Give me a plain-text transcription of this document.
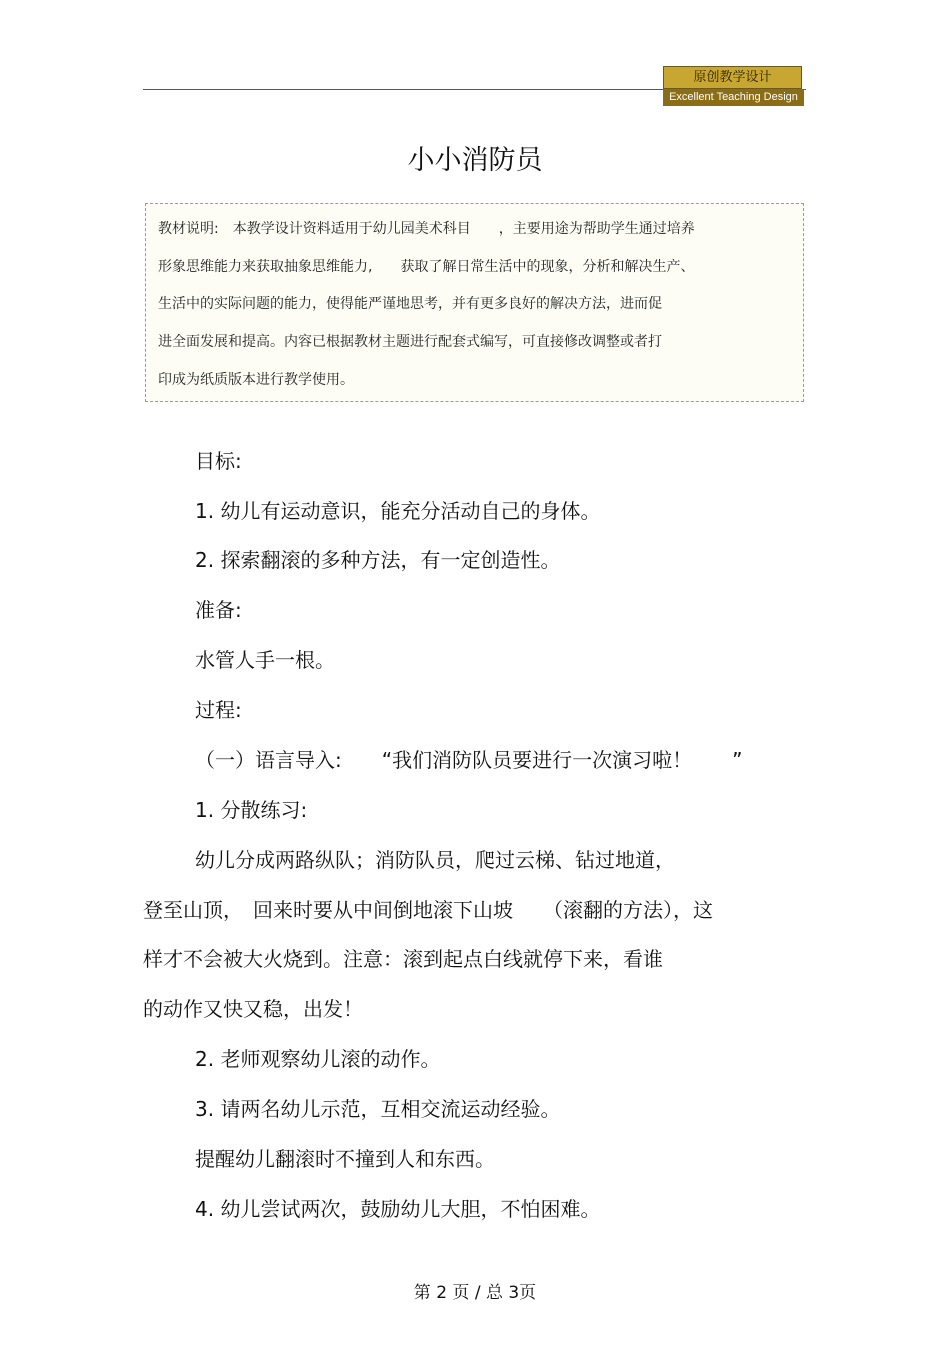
原创教学设计
Excellent Teaching Design
小小消防员
教材说明:　本教学设计资料适用于幼儿园美术科目　　，主要用途为帮助学生通过培养
形象思维能力来获取抽象思维能力,　　获取了解日常生活中的现象，分析和解决生产、
生活中的实际问题的能力，使得能严谨地思考，并有更多良好的解决方法，进而促
进全面发展和提高。内容已根据教材主题进行配套式编写，可直接修改调整或者打
印成为纸质版本进行教学使用。
目标:
1. 幼儿有运动意识，能充分活动自己的身体。
2. 探索翻滚的多种方法，有一定创造性。
准备:
水管人手一根。
过程:
（一）语言导入:　　“我们消防队员要进行一次演习啦！　　”
1. 分散练习:
幼儿分成两路纵队；消防队员，爬过云梯、钻过地道，
登至山顶，　回来时要从中间倒地滚下山坡　　（滚翻的方法），这
样才不会被大火烧到。注意：滚到起点白线就停下来，看谁
的动作又快又稳，出发！
2. 老师观察幼儿滚的动作。
3. 请两名幼儿示范，互相交流运动经验。
提醒幼儿翻滚时不撞到人和东西。
4. 幼儿尝试两次，鼓励幼儿大胆，不怕困难。
第 2 页 / 总 3页
